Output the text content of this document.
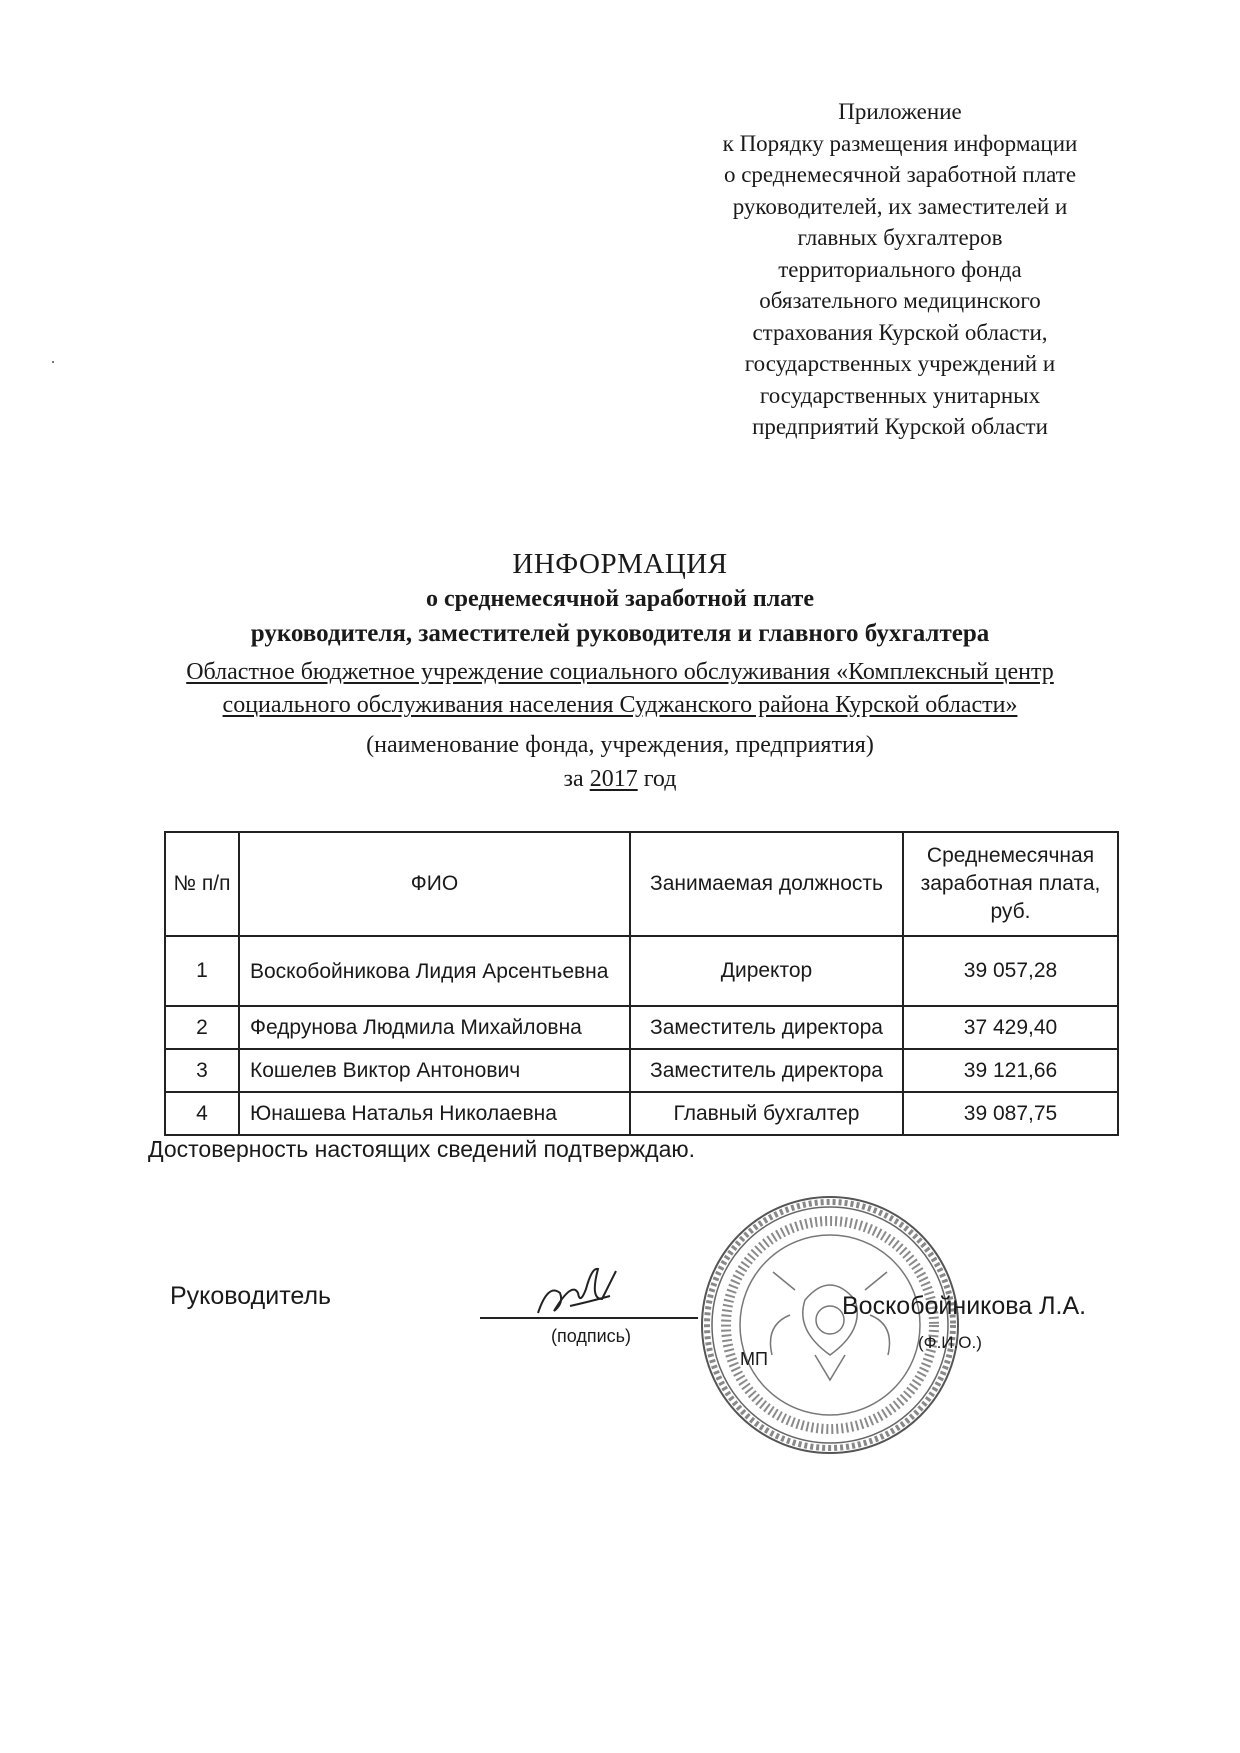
Приложение
к Порядку размещения информации
о среднемесячной заработной плате
руководителей, их заместителей и
главных бухгалтеров
территориального фонда
обязательного медицинского
страхования Курской области,
государственных учреждений и
государственных унитарных
предприятий Курской области
ИНФОРМАЦИЯ
о среднемесячной заработной плате
руководителя, заместителей руководителя и главного бухгалтера
Областное бюджетное учреждение социального обслуживания «Комплексный центр
социального обслуживания населения Суджанского района Курской области»
(наименование фонда, учреждения, предприятия)
за 2017 год
№ п/п	ФИО	Занимаемая должность	Среднемесячная заработная плата, руб.
1	Воскобойникова Лидия Арсентьевна	Директор	39 057,28
2	Федрунова Людмила Михайловна	Заместитель директора	37 429,40
3	Кошелев Виктор Антонович	Заместитель директора	39 121,66
4	Юнашева Наталья Николаевна	Главный бухгалтер	39 087,75
Достоверность настоящих сведений подтверждаю.
Руководитель
(подпись)
Воскобойникова Л.А.
(Ф.И.О.)
МП
